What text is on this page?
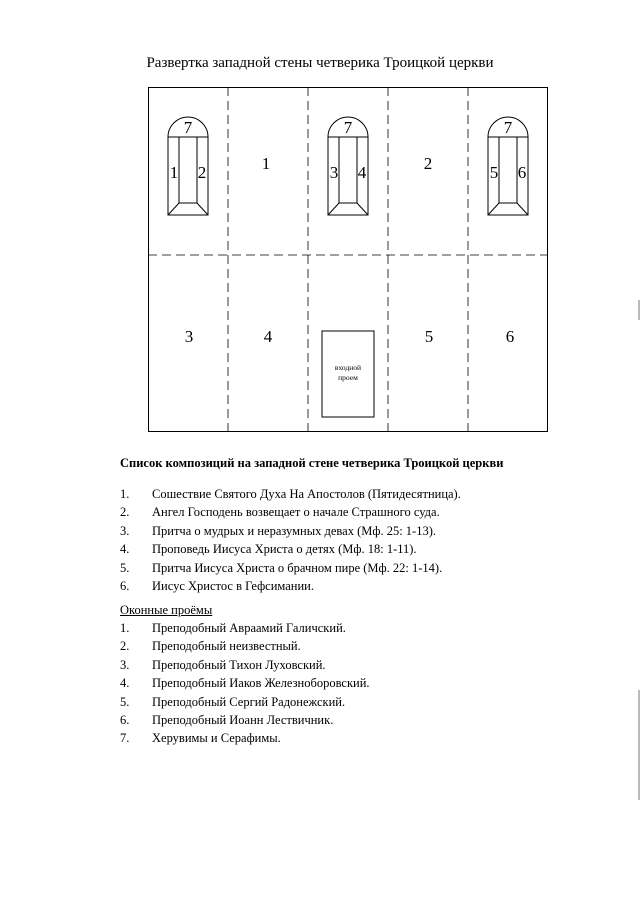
Развертка западной стены четверика Троицкой церкви
7
1 2
7
3 4
7
5 6
1	2
3	4	5	6
входной
проем
Список композиций на западной стене четверика Троицкой церкви
1. Сошествие Святого Духа На Апостолов (Пятидесятница).
2. Ангел Господень возвещает о начале Страшного суда.
3. Притча о мудрых и неразумных девах (Мф. 25: 1-13).
4. Проповедь Иисуса Христа о детях (Мф. 18: 1-11).
5. Притча Иисуса Христа о брачном пире (Мф. 22: 1-14).
6. Иисус Христос в Гефсимании.
Оконные проёмы
1. Преподобный Авраамий Галичский.
2. Преподобный неизвестный.
3. Преподобный Тихон Луховский.
4. Преподобный Иаков Железноборовский.
5. Преподобный Сергий Радонежский.
6. Преподобный Иоанн Лествичник.
7. Херувимы и Серафимы.
